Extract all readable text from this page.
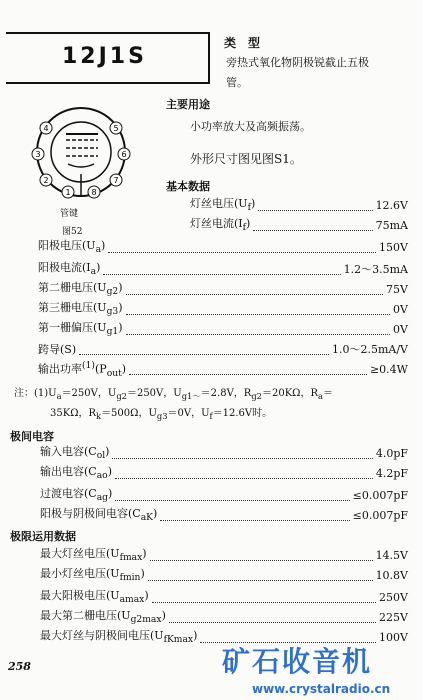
12J1S
类　型
旁热式氧化物阴极锐截止五极
管。
4	5
3	6
2	7
1	8
管键
图52
主要用途
小功率放大及高频振荡。
外形尺寸图见图S1。
基本数据
灯丝电压$(U_f)$	12.6V
灯丝电流$(I_f)$	75mA
阳极电压$(U_a)$	150V
阳极电流$(I_a)$	1.2～3.5mA
第二栅电压$(U_{g2})$	75V
第三栅电压$(U_{g3})$	0V
第一栅偏压$(U_{g1})$	0V
跨导(S)	1.0～2.5mA/V
输出功率$^{(1)}(P_{out})$	≥0.4W
注：$(1)U_a=250V$，$U_{g2}=250V$，$U_{g1\sim}=2.8V$，$R_{g2}=20K\Omega$，$R_a=$
35KΩ，$R_k=500\Omega$，$U_{g3}=0V$，$U_f=12.6V$时。
极间电容
输入电容$(C_{ol})$	4.0pF
输出电容$(C_{ao})$	4.2pF
过渡电容$(C_{ag})$	≤0.007pF
阳极与阴极间电容$(C_{aK})$	≤0.007pF
极限运用数据
最大灯丝电压$(U_{fmax})$	14.5V
最小灯丝电压$(U_{fmin})$	10.8V
最大阳极电压$(U_{amax})$	250V
最大第二栅电压$(U_{g2max})$	225V
最大灯丝与阴极间电压$(U_{fKmax})$	100V
258	矿石收音机
www.crystalradio.cn
